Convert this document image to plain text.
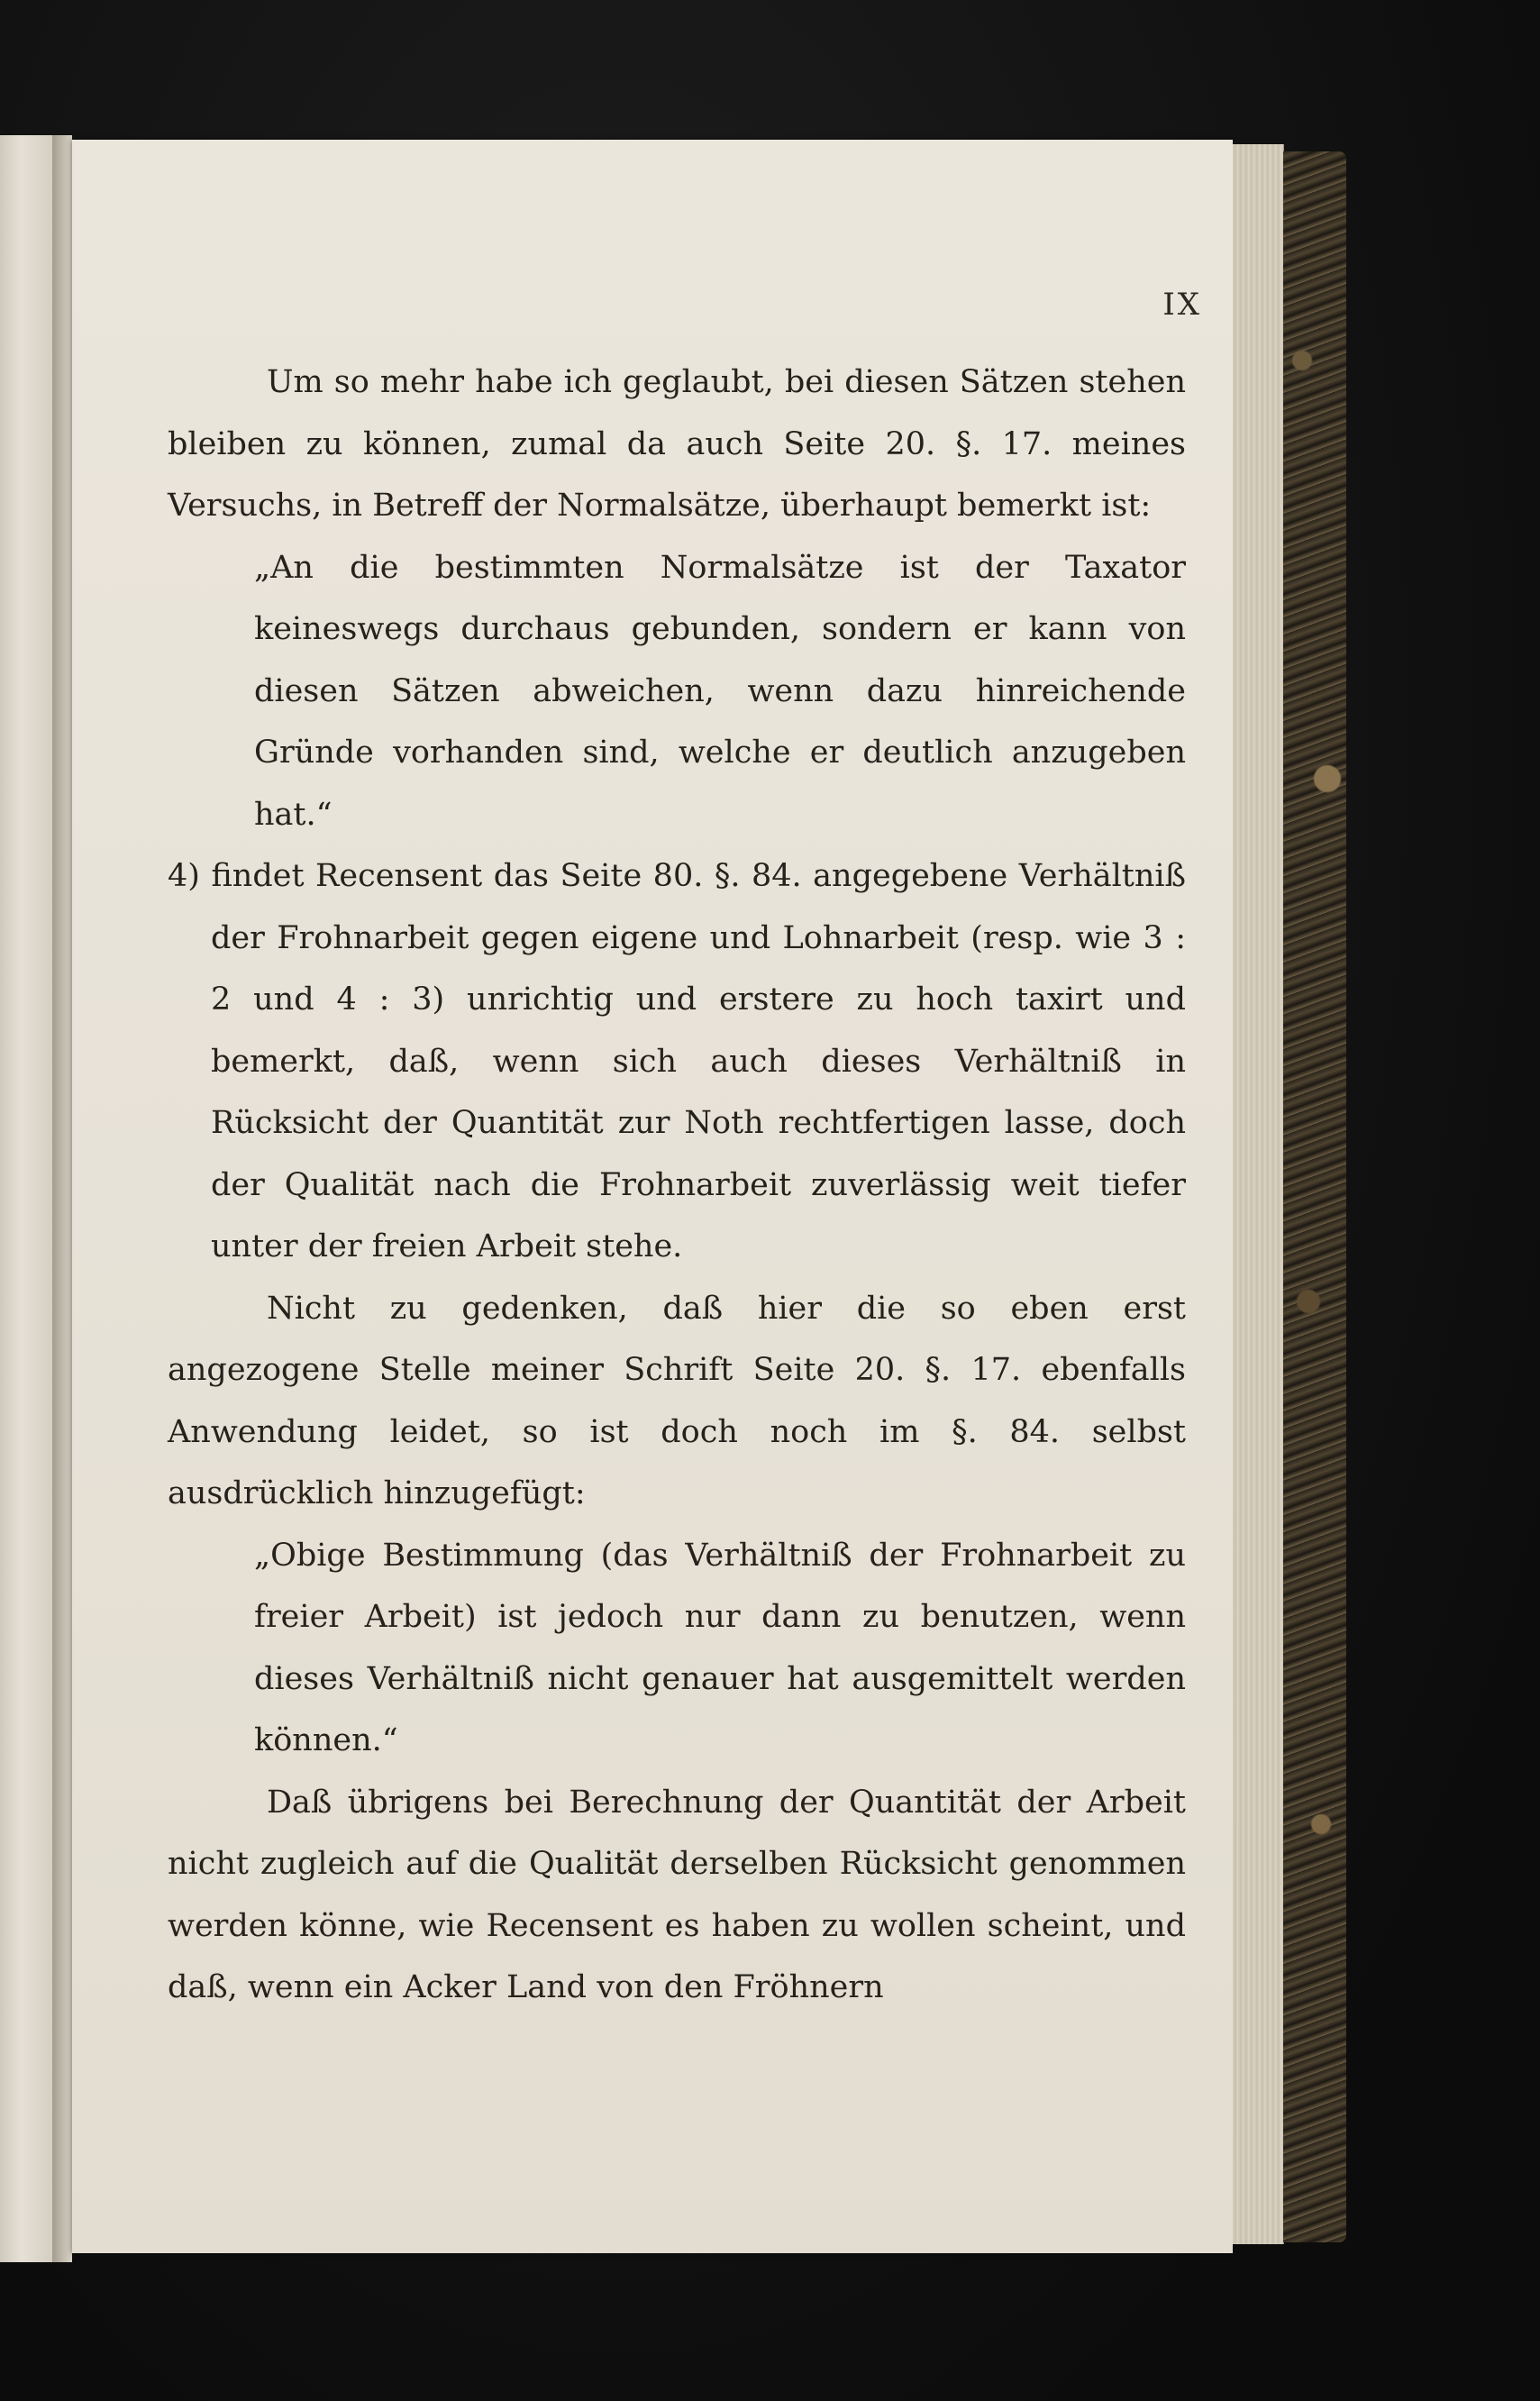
IX

Um so mehr habe ich geglaubt, bei diesen Sätzen stehen bleiben zu können, zumal da auch Seite 20. §. 17. meines Versuchs, in Betreff der Normalsätze, überhaupt bemerkt ist:

„An die bestimmten Normalsätze ist der Taxator keineswegs durchaus gebunden, sondern er kann von diesen Sätzen abweichen, wenn dazu hinreichende Gründe vorhanden sind, welche er deutlich anzugeben hat.“

4) findet Recensent das Seite 80. §. 84. angegebene Verhältniß der Frohnarbeit gegen eigene und Lohnarbeit (resp. wie 3 : 2 und 4 : 3) unrichtig und erstere zu hoch taxirt und bemerkt, daß, wenn sich auch dieses Verhältniß in Rücksicht der Quantität zur Noth rechtfertigen lasse, doch der Qualität nach die Frohnarbeit zuverlässig weit tiefer unter der freien Arbeit stehe.

Nicht zu gedenken, daß hier die so eben erst angezogene Stelle meiner Schrift Seite 20. §. 17. ebenfalls Anwendung leidet, so ist doch noch im §. 84. selbst ausdrücklich hinzugefügt:

„Obige Bestimmung (das Verhältniß der Frohnarbeit zu freier Arbeit) ist jedoch nur dann zu benutzen, wenn dieses Verhältniß nicht genauer hat ausgemittelt werden können.“

Daß übrigens bei Berechnung der Quantität der Arbeit nicht zugleich auf die Qualität derselben Rücksicht genommen werden könne, wie Recensent es haben zu wollen scheint, und daß, wenn ein Acker Land von den Fröhnern
